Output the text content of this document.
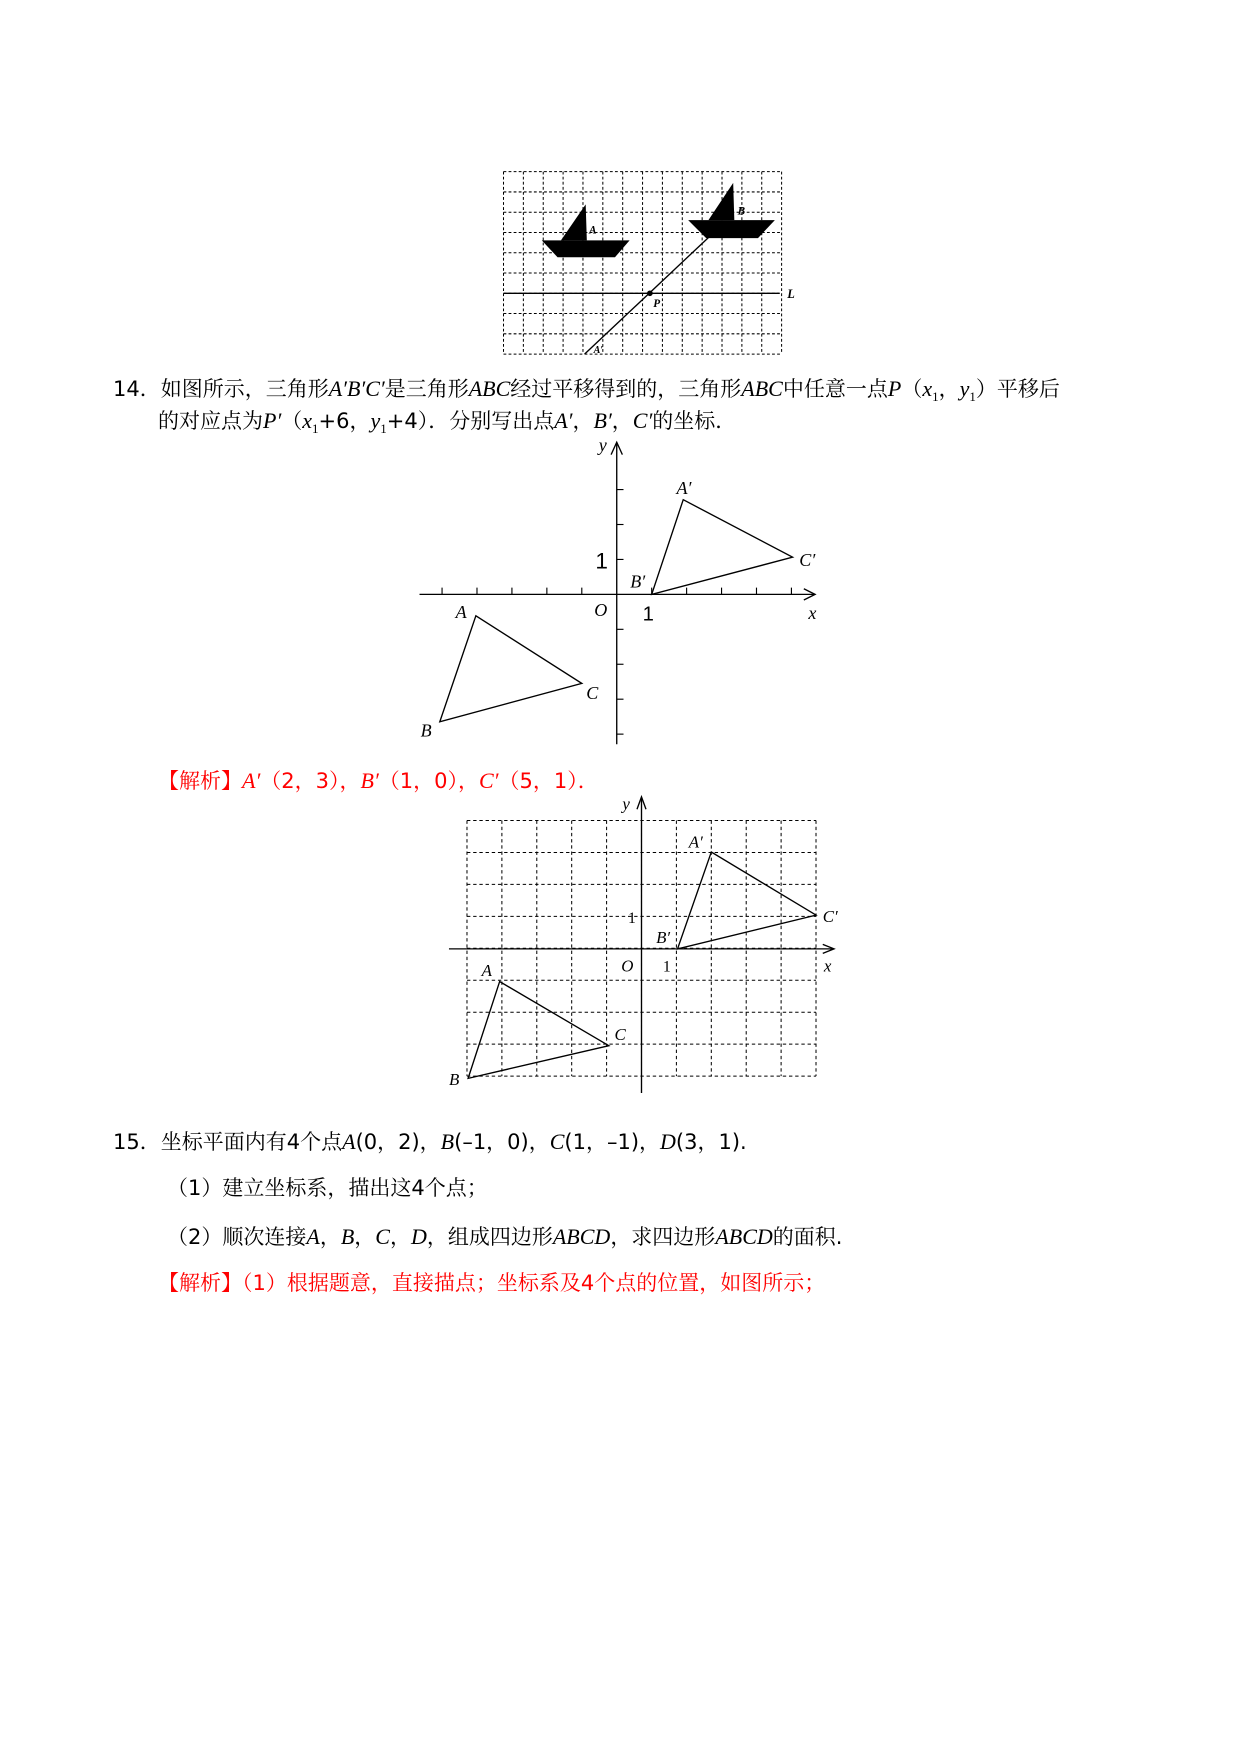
A
B
P
L
A′
14．如图所示，三角形A′B′C′是三角形ABC经过平移得到的，三角形ABC中任意一点$P(x_1$，$y_1$）平移后
的对应点为$P'(x_1+6$，$y_1+4$）．分别写出点A′，B′，C′的坐标．
y
x
O 1
1
A
B
C
A′
B′
C′
【解析】A′（2，3），B′（1，0），C′（5，1）．
y
x
O 1
1
A
B
C
A′
B′
C′
15．坐标平面内有4个点A(0，2)，B(–1，0)，C(1，–1)，D(3，1).
（1）建立坐标系，描出这4个点；
（2）顺次连接A，B，C，D，组成四边形ABCD，求四边形ABCD的面积.
【解析】（1）根据题意，直接描点；坐标系及4个点的位置，如图所示；
